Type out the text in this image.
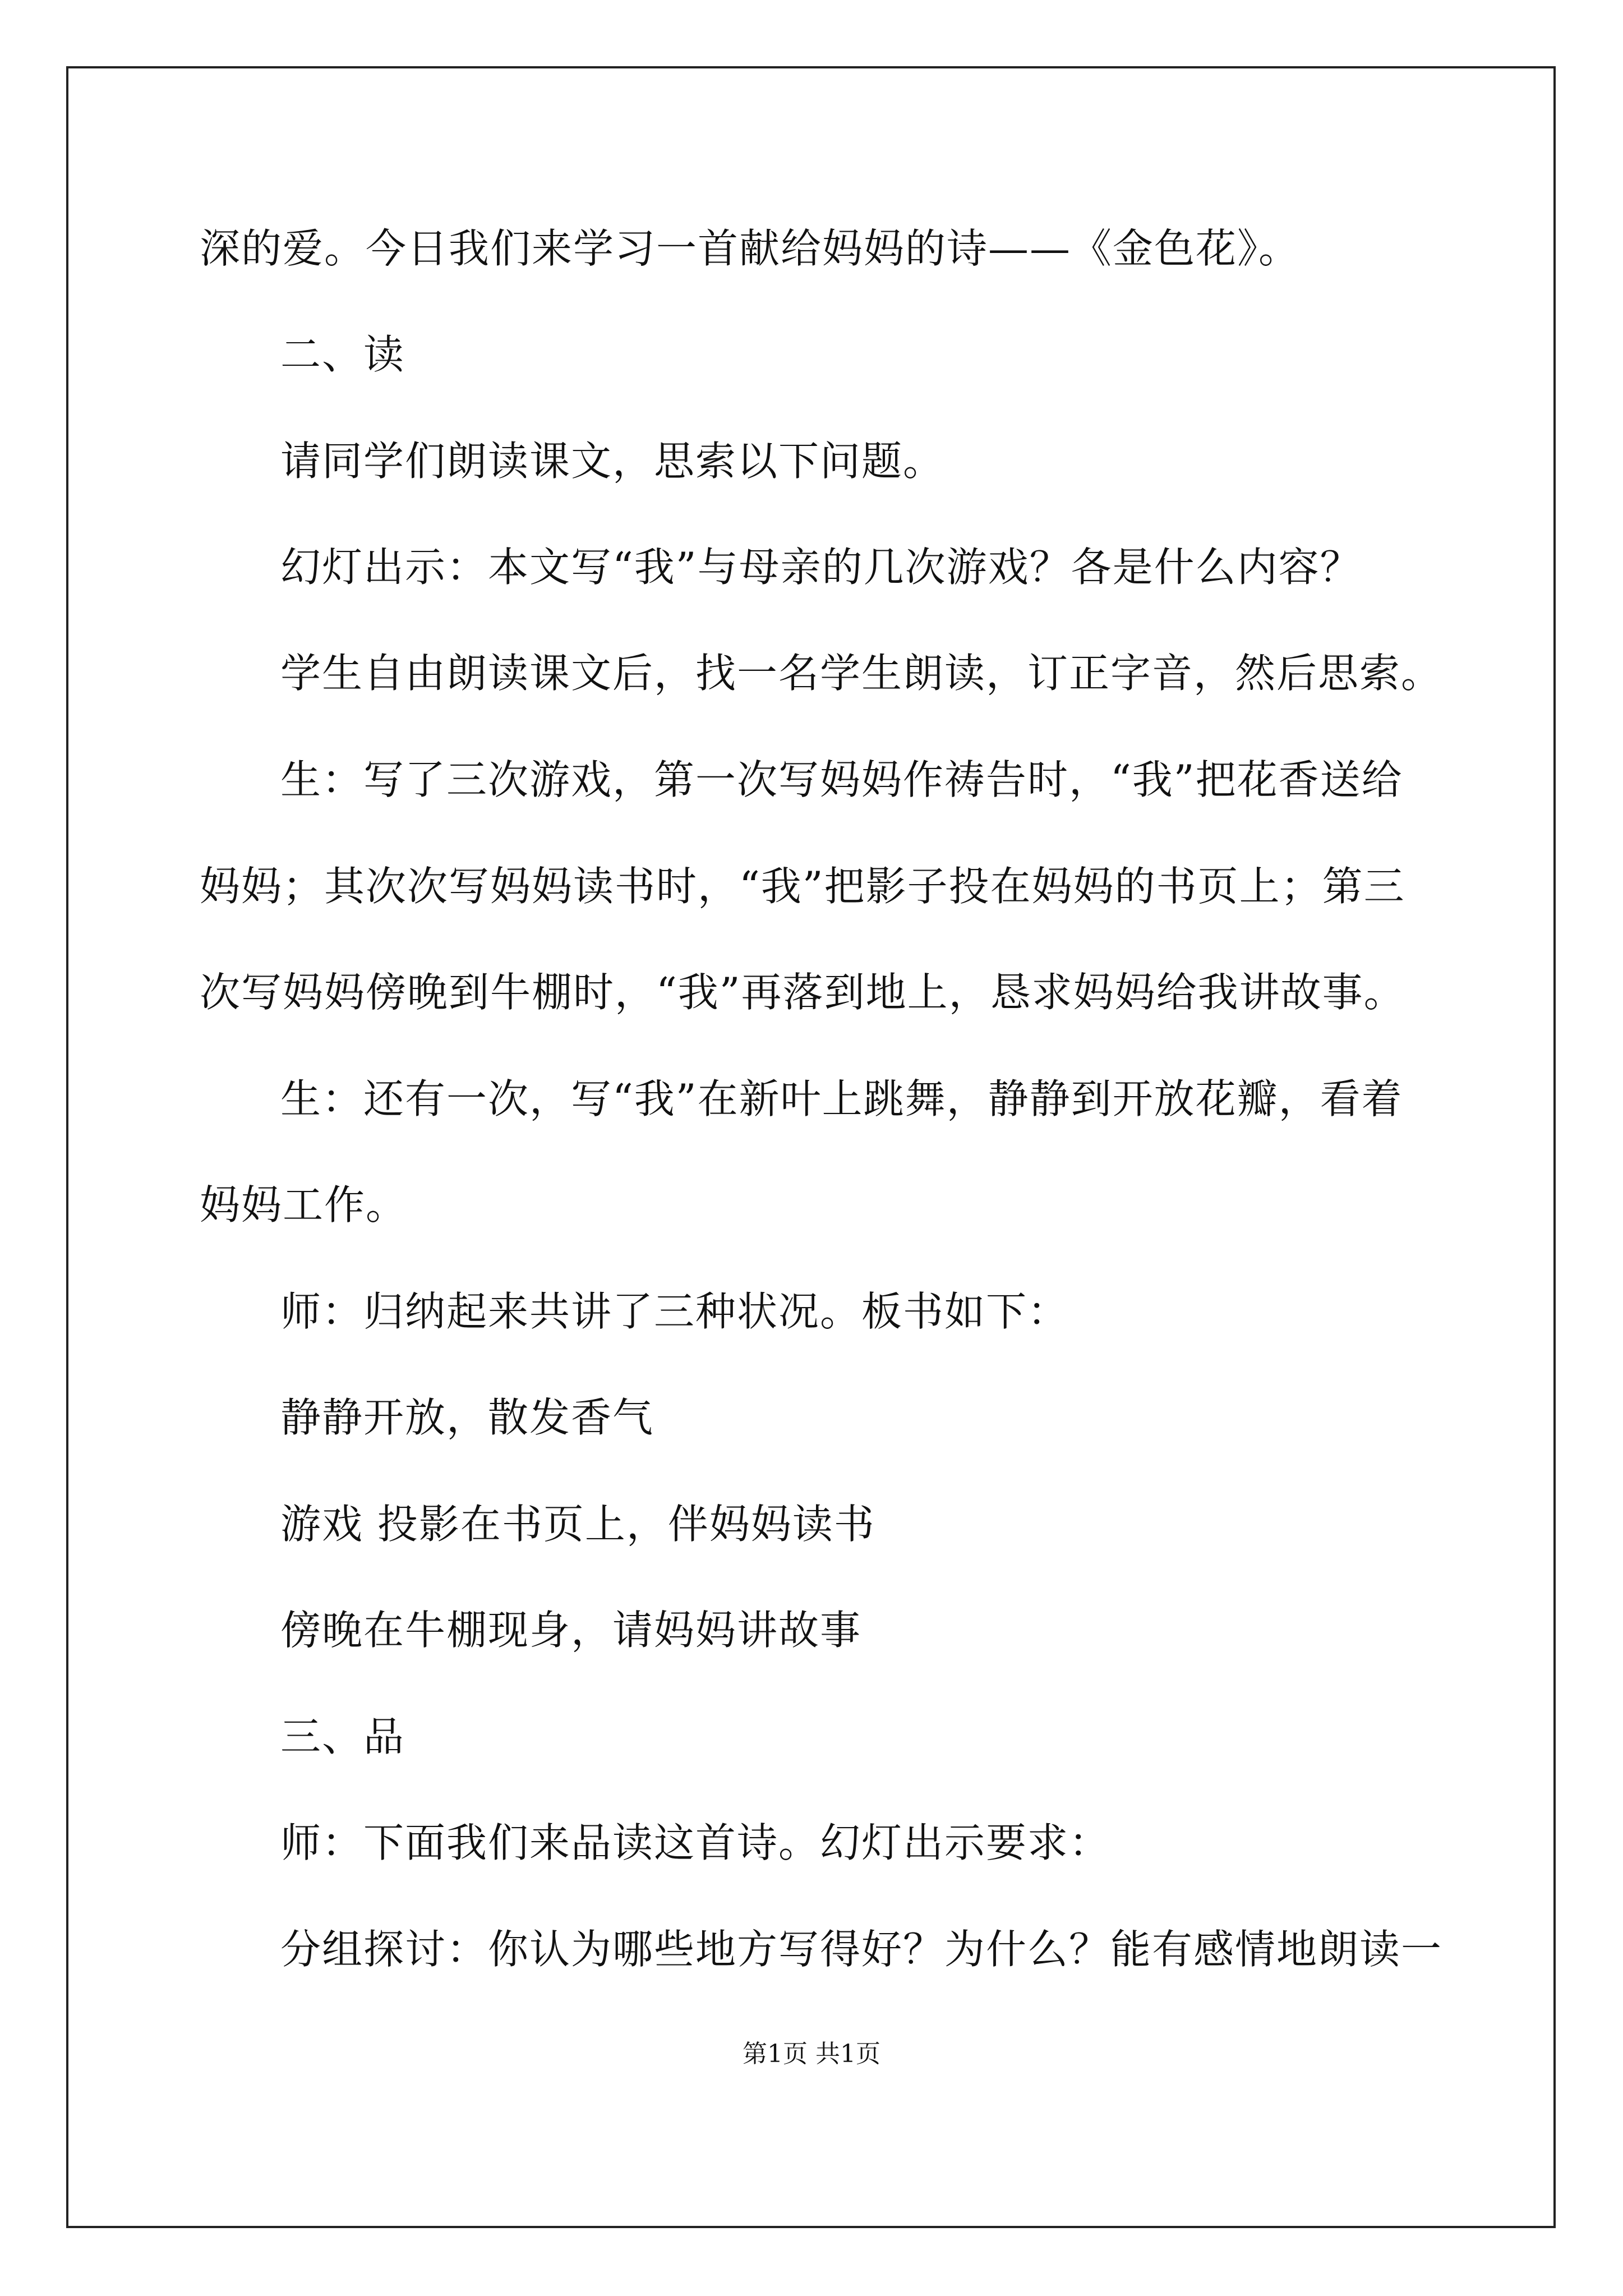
深的爱。今日我们来学习一首献给妈妈的诗——《金色花》。
二、读
请同学们朗读课文，思索以下问题。
幻灯出示：本文写“我”与母亲的几次游戏？各是什么内容？
学生自由朗读课文后，找一名学生朗读，订正字音，然后思索。
生：写了三次游戏，第一次写妈妈作祷告时，“我”把花香送给
妈妈；其次次写妈妈读书时，“我”把影子投在妈妈的书页上；第三
次写妈妈傍晚到牛棚时，“我”再落到地上，恳求妈妈给我讲故事。
生：还有一次，写“我”在新叶上跳舞，静静到开放花瓣，看着
妈妈工作。
师：归纳起来共讲了三种状况。板书如下：
静静开放，散发香气
游戏 投影在书页上，伴妈妈读书
傍晚在牛棚现身，请妈妈讲故事
三、品
师：下面我们来品读这首诗。幻灯出示要求：
分组探讨：你认为哪些地方写得好？为什么？能有感情地朗读一
第1页 共1页
